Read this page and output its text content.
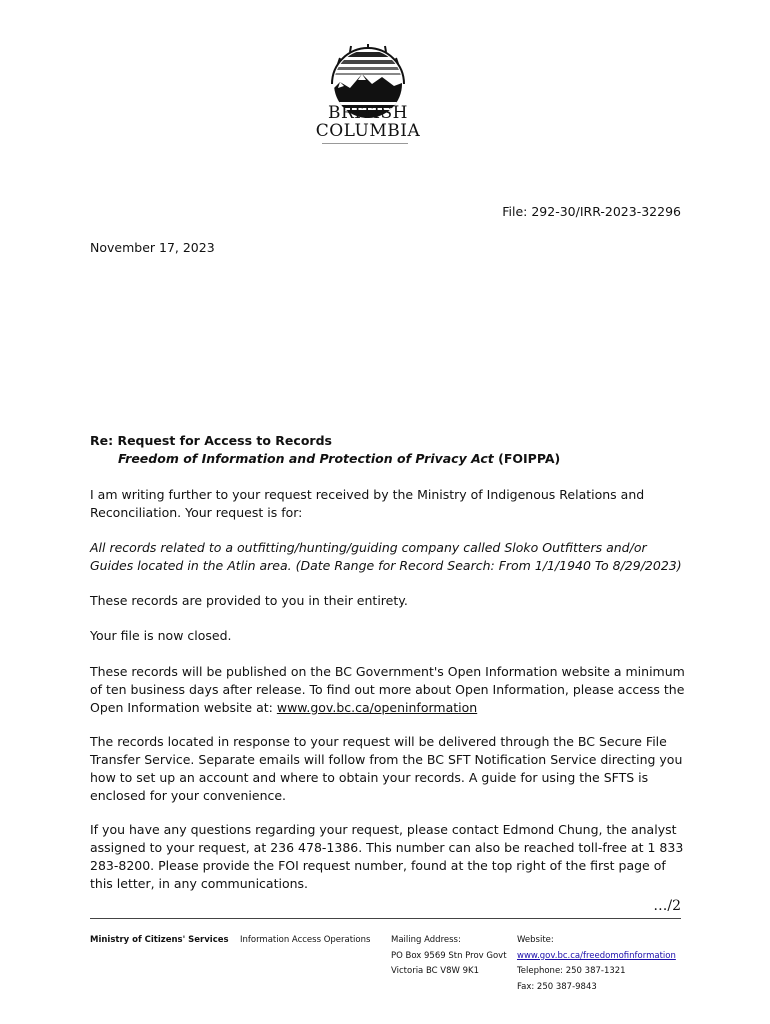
BRITISH
COLUMBIA
File: 292-30/IRR-2023-32296
November 17, 2023
Re: Request for Access to Records
Freedom of Information and Protection of Privacy Act (FOIPPA)
I am writing further to your request received by the Ministry of Indigenous Relations and Reconciliation. Your request is for:
All records related to a outfitting/hunting/guiding company called Sloko Outfitters and/or Guides located in the Atlin area. (Date Range for Record Search: From 1/1/1940 To 8/29/2023)
These records are provided to you in their entirety.
Your file is now closed.
These records will be published on the BC Government's Open Information website a minimum of ten business days after release. To find out more about Open Information, please access the Open Information website at: www.gov.bc.ca/openinformation
The records located in response to your request will be delivered through the BC Secure File Transfer Service. Separate emails will follow from the BC SFT Notification Service directing you how to set up an account and where to obtain your records. A guide for using the SFTS is enclosed for your convenience.
If you have any questions regarding your request, please contact Edmond Chung, the analyst assigned to your request, at 236 478-1386. This number can also be reached toll-free at 1 833 283-8200. Please provide the FOI request number, found at the top right of the first page of this letter, in any communications.
…/2
Ministry of Citizens' Services Information Access Operations Mailing Address:
PO Box 9569 Stn Prov Govt
Victoria BC V8W 9K1
Website:
www.gov.bc.ca/freedomofinformation
Telephone: 250 387-1321
Fax: 250 387-9843
